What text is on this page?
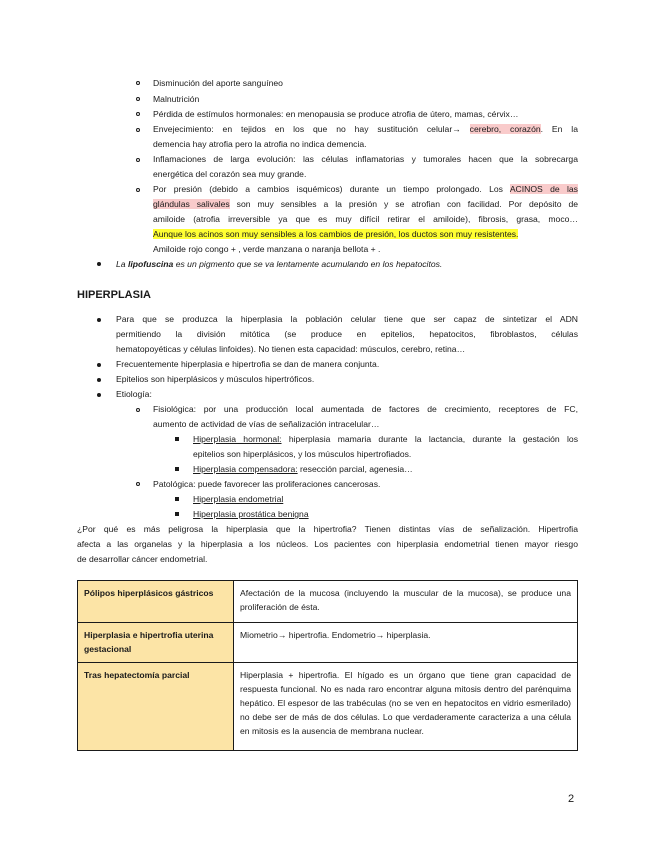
Disminución del aporte sanguíneo
Malnutrición
Pérdida de estímulos hormonales: en menopausia se produce atrofia de útero, mamas, cérvix…
Envejecimiento: en tejidos en los que no hay sustitución celular→ cerebro, corazón. En la
demencia hay atrofia pero la atrofia no indica demencia.
Inflamaciones de larga evolución: las células inflamatorias y tumorales hacen que la sobrecarga
energética del corazón sea muy grande.
Por presión (debido a cambios isquémicos) durante un tiempo prolongado. Los ACINOS de las
glándulas salivales son muy sensibles a la presión y se atrofian con facilidad. Por depósito de
amiloide (atrofia irreversible ya que es muy difícil retirar el amiloide), fibrosis, grasa, moco…
Aunque los acinos son muy sensibles a los cambios de presión, los ductos son muy resistentes.
Amiloide rojo congo + , verde manzana o naranja bellota + .
La lipofuscina es un pigmento que se va lentamente acumulando en los hepatocitos.
HIPERPLASIA
Para que se produzca la hiperplasia la población celular tiene que ser capaz de sintetizar el ADN
permitiendo la división mitótica (se produce en epitelios, hepatocitos, fibroblastos, células
hematopoyéticas y células linfoides). No tienen esta capacidad: músculos, cerebro, retina…
Frecuentemente hiperplasia e hipertrofia se dan de manera conjunta.
Epitelios son hiperplásicos y músculos hipertróficos.
Etiología:
Fisiológica: por una producción local aumentada de factores de crecimiento, receptores de FC,
aumento de actividad de vías de señalización intracelular…
Hiperplasia hormonal: hiperplasia mamaria durante la lactancia, durante la gestación los
epitelios son hiperplásicos, y los músculos hipertrofiados.
Hiperplasia compensadora: resección parcial, agenesia…
Patológica: puede favorecer las proliferaciones cancerosas.
Hiperplasia endometrial
Hiperplasia prostática benigna
¿Por qué es más peligrosa la hiperplasia que la hipertrofia? Tienen distintas vías de señalización. Hipertrofia
afecta a las organelas y la hiperplasia a los núcleos. Los pacientes con hiperplasia endometrial tienen mayor riesgo
de desarrollar cáncer endometrial.
Pólipos hiperplásicos gástricos	Afectación de la mucosa (incluyendo la muscular de la mucosa), se produce una proliferación de ésta.

Hiperplasia e hipertrofia uterina gestacional	Miometrio→ hipertrofia. Endometrio→ hiperplasia.

Tras hepatectomía parcial	Hiperplasia + hipertrofia. El hígado es un órgano que tiene gran capacidad de respuesta funcional. No es nada raro encontrar alguna mitosis dentro del parénquima hepático. El espesor de las trabéculas (no se ven en hepatocitos en vidrio esmerilado) no debe ser de más de dos células. Lo que verdaderamente caracteriza a una célula en mitosis es la ausencia de membrana nuclear.

2
